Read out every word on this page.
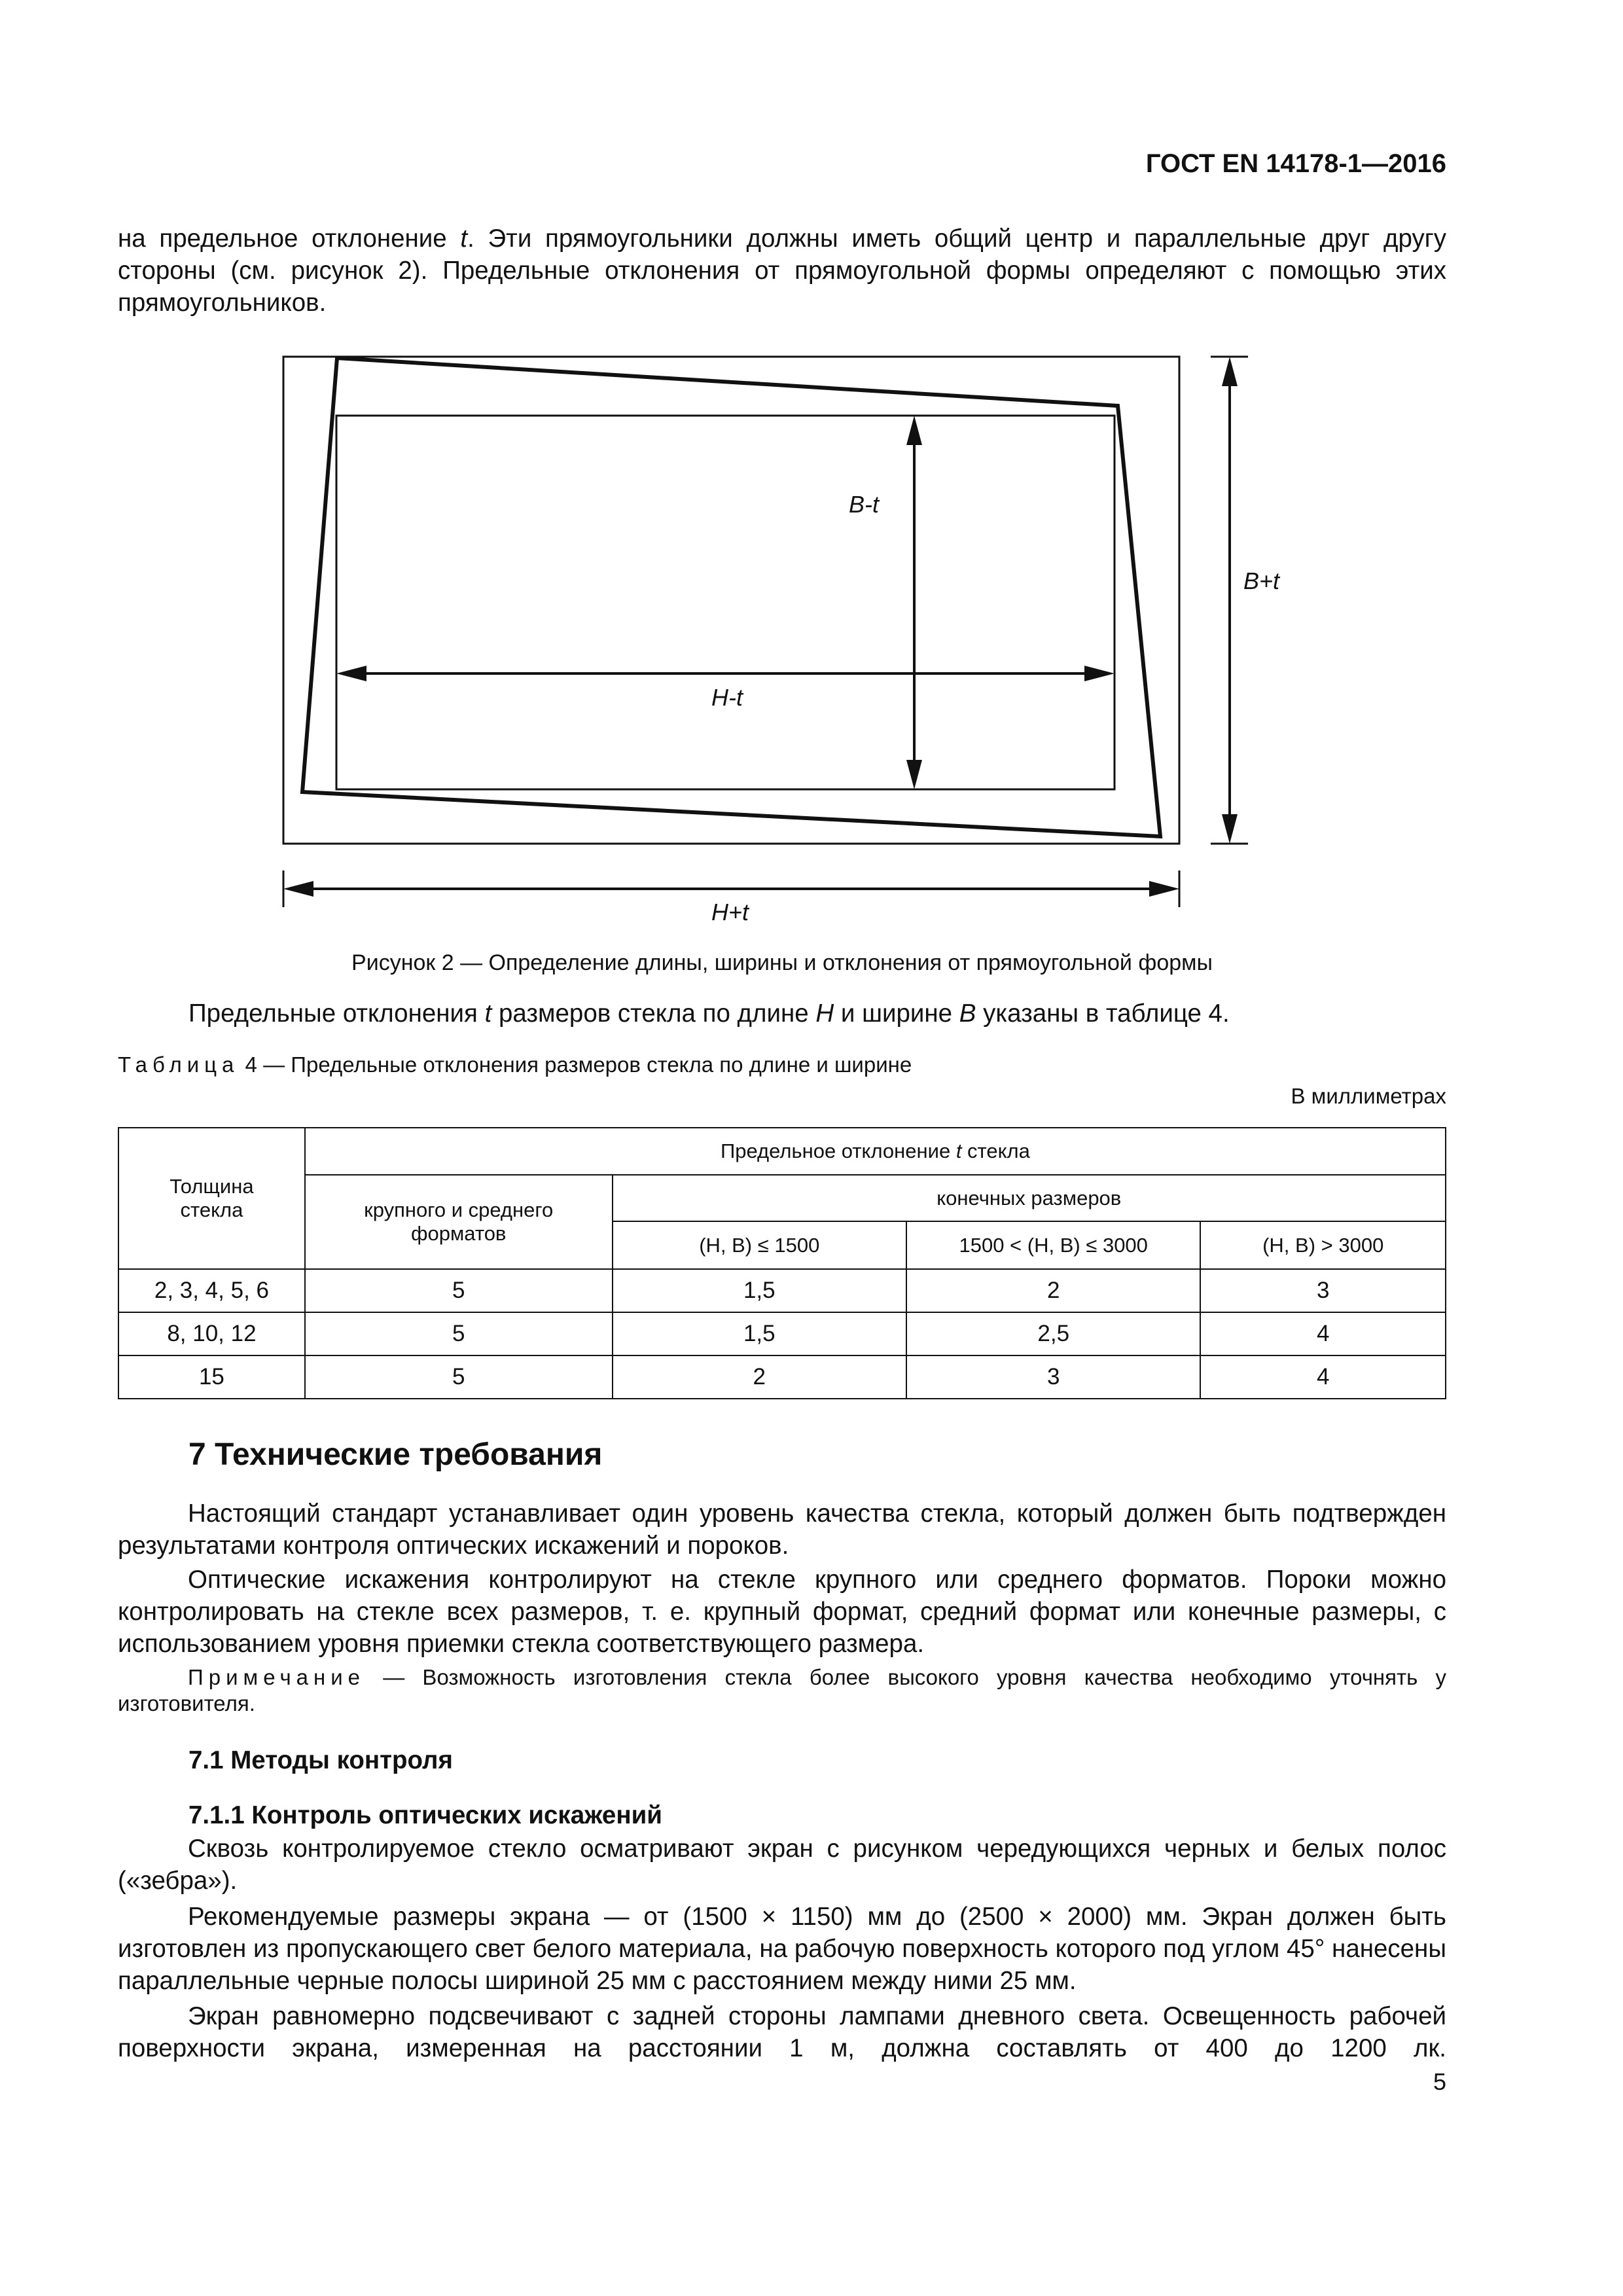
ГОСТ EN 14178-1—2016
на предельное отклонение t. Эти прямоугольники должны иметь общий центр и параллельные друг другу стороны (см. рисунок 2). Предельные отклонения от прямоугольной формы определяют с помощью этих прямоугольников.
B-t
B+t
H-t
H+t
Рисунок 2 — Определение длины, ширины и отклонения от прямоугольной формы
Предельные отклонения t размеров стекла по длине H и ширине B указаны в таблице 4.
Таблица 4 — Предельные отклонения размеров стекла по длине и ширине
В миллиметрах
Толщина стекла	Предельное отклонение t стекла			
	крупного и среднего форматов	конечных размеров		
		(H, B) ≤ 1500	1500 < (H, B) ≤ 3000	(H, B) > 3000
2, 3, 4, 5, 6	5	1,5	2	3
8, 10, 12	5	1,5	2,5	4
15	5	2	3	4
7 Технические требования
Настоящий стандарт устанавливает один уровень качества стекла, который должен быть подтвержден результатами контроля оптических искажений и пороков.
Оптические искажения контролируют на стекле крупного или среднего форматов. Пороки можно контролировать на стекле всех размеров, т. е. крупный формат, средний формат или конечные размеры, с использованием уровня приемки стекла соответствующего размера.
Примечание — Возможность изготовления стекла более высокого уровня качества необходимо уточнять у изготовителя.
7.1 Методы контроля
7.1.1 Контроль оптических искажений
Сквозь контролируемое стекло осматривают экран с рисунком чередующихся черных и белых полос («зебра»).
Рекомендуемые размеры экрана — от (1500 × 1150) мм до (2500 × 2000) мм. Экран должен быть изготовлен из пропускающего свет белого материала, на рабочую поверхность которого под углом 45° нанесены параллельные черные полосы шириной 25 мм с расстоянием между ними 25 мм.
Экран равномерно подсвечивают с задней стороны лампами дневного света. Освещенность рабочей поверхности экрана, измеренная на расстоянии 1 м, должна составлять от 400 до 1200 лк.
5
